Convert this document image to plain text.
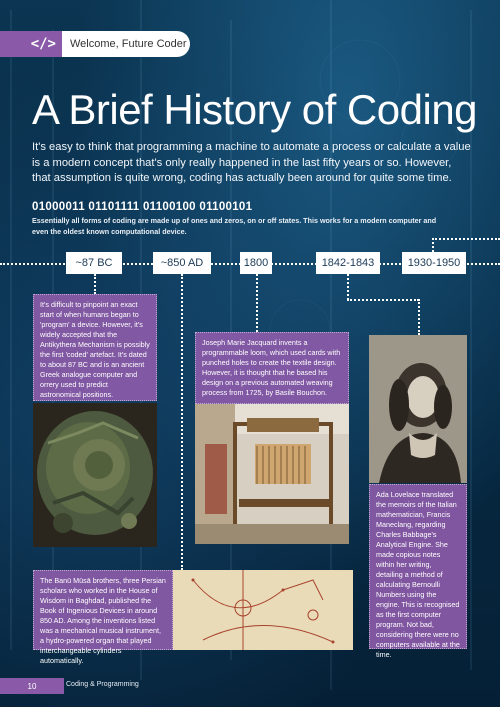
</>	Welcome, Future Coder
A Brief History of Coding

It's easy to think that programming a machine to automate a process or calculate a value is a modern concept that's only really happened in the last fifty years or so. However, that assumption is quite wrong, coding has actually been around for quite some time.

01000011 01101111 01100100 01100101

Essentially all forms of coding are made up of ones and zeros, on or off states. This works for a modern computer and even the oldest known computational device.

~87 BC	~850 AD	1800	1842-1843	1930-1950
It's difficult to pinpoint an exact start of when humans began to 'program' a device. However, it's widely accepted that the Antikythera Mechanism is possibly the first 'coded' artefact. It's dated to about 87 BC and is an ancient Greek analogue computer and orrery used to predict astronomical positions.
Joseph Marie Jacquard invents a programmable loom, which used cards with punched holes to create the textile design. However, it is thought that he based his design on a previous automated weaving process from 1725, by Basile Bouchon.
Ada Lovelace translated the memoirs of the Italian mathematician, Francis Maneclang, regarding Charles Babbage's Analytical Engine. She made copious notes within her writing, detailing a method of calculating Bernoulli Numbers using the engine. This is recognised as the first computer program. Not bad, considering there were no computers available at the time.
The Banū Mūsā brothers, three Persian scholars who worked in the House of Wisdom in Baghdad, published the Book of Ingenious Devices in around 850 AD. Among the inventions listed was a mechanical musical instrument, a hydro-powered organ that played interchangeable cylinders automatically.
10	Coding & Programming
